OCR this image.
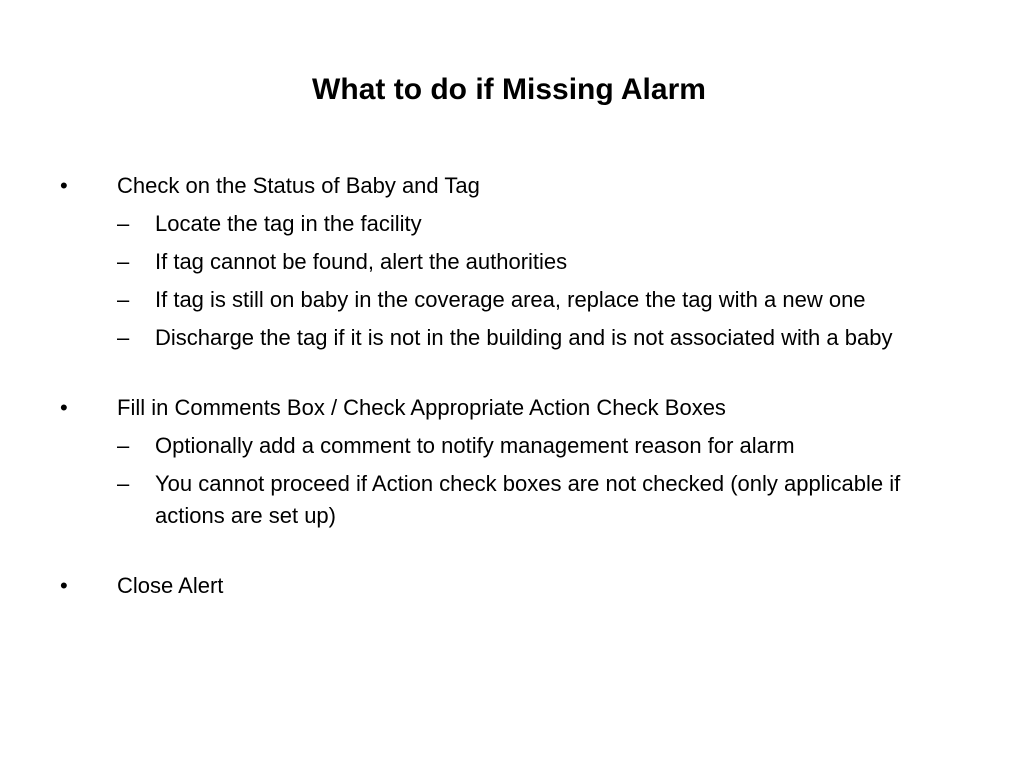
What to do if Missing Alarm
• Check on the Status of Baby and Tag
– Locate the tag in the facility
– If tag cannot be found, alert the authorities
– If tag is still on baby in the coverage area, replace the tag with a new one
– Discharge the tag if it is not in the building and is not associated with a baby
• Fill in Comments Box / Check Appropriate Action Check Boxes
– Optionally add a comment to notify management reason for alarm
– You cannot proceed if Action check boxes are not checked (only applicable if actions are set up)
• Close Alert
